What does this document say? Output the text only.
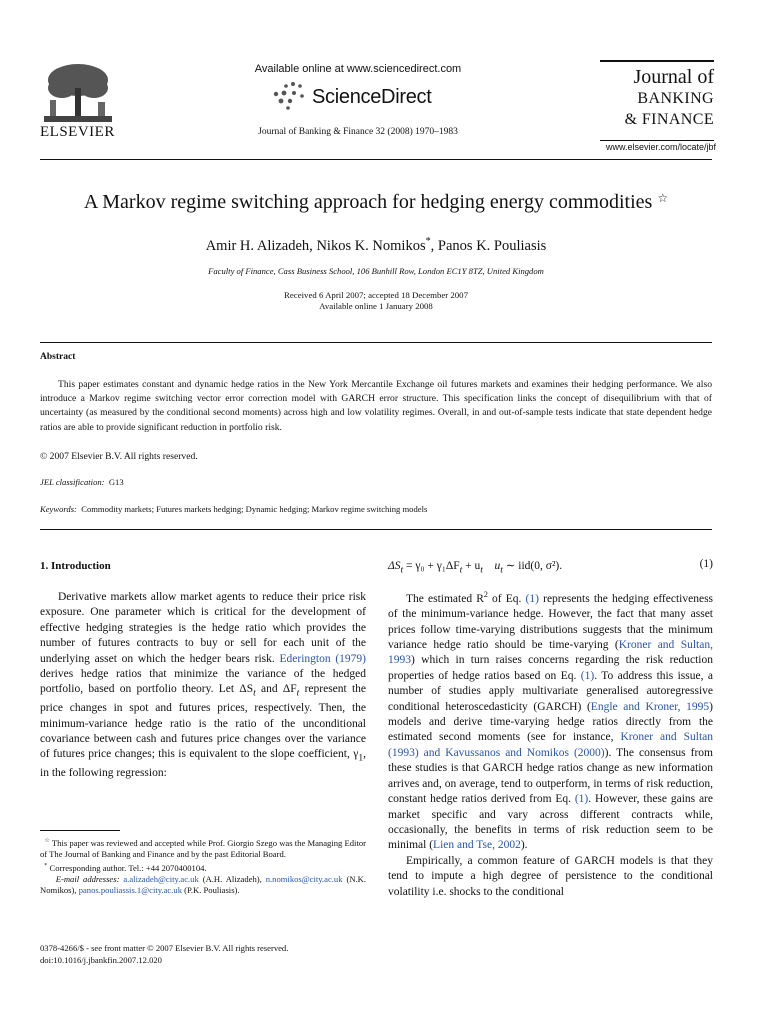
ELSEVIER
Available online at www.sciencedirect.com
ScienceDirect
Journal of Banking & Finance 32 (2008) 1970–1983
Journal of
BANKING
& FINANCE
www.elsevier.com/locate/jbf
A Markov regime switching approach for hedging energy commodities ☆
Amir H. Alizadeh, Nikos K. Nomikos*, Panos K. Pouliasis
Faculty of Finance, Cass Business School, 106 Bunhill Row, London EC1Y 8TZ, United Kingdom
Received 6 April 2007; accepted 18 December 2007
Available online 1 January 2008
Abstract

This paper estimates constant and dynamic hedge ratios in the New York Mercantile Exchange oil futures markets and examines their hedging performance. We also introduce a Markov regime switching vector error correction model with GARCH error structure. This specification links the concept of disequilibrium with that of uncertainty (as measured by the conditional second moments) across high and low volatility regimes. Overall, in and out-of-sample tests indicate that state dependent hedge ratios are able to provide significant reduction in portfolio risk.

© 2007 Elsevier B.V. All rights reserved.
JEL classification: G13
Keywords: Commodity markets; Futures markets hedging; Dynamic hedging; Markov regime switching models
1. Introduction

Derivative markets allow market agents to reduce their price risk exposure. One parameter which is critical for the development of effective hedging strategies is the hedge ratio which provides the number of futures contracts to buy or sell for each unit of the underlying asset on which the hedger bears risk. Ederington (1979) derives hedge ratios that minimize the variance of the hedged portfolio, based on portfolio theory. Let $\Delta S_t$ and $\Delta F_t$ represent the price changes in spot and futures prices, respectively. Then, the minimum-variance hedge ratio is the ratio of the unconditional covariance between cash and futures price changes over the variance of futures price changes; this is equivalent to the slope coefficient, $\gamma_1$, in the following regression:

☆ This paper was reviewed and accepted while Prof. Giorgio Szego was the Managing Editor of The Journal of Banking and Finance and by the past Editorial Board.

* Corresponding author. Tel.: +44 2070400104.

E-mail addresses: a.alizadeh@city.ac.uk (A.H. Alizadeh), n.nomikos@city.ac.uk (N.K. Nomikos), panos.pouliassis.1@city.ac.uk (P.K. Pouliasis).

0378-4266/$ - see front matter © 2007 Elsevier B.V. All rights reserved.
doi:10.1016/j.jbankfin.2007.12.020
$\Delta S_t = \gamma_0 + \gamma_1\Delta F_t + u_t$ $u_t$ ∼ iid(0, σ²).	(1)

The estimated $R^2$ of Eq. (1) represents the hedging effectiveness of the minimum-variance hedge. However, the fact that many asset prices follow time-varying distributions suggests that the minimum variance hedge ratio should be time-varying (Kroner and Sultan, 1993) which in turn raises concerns regarding the risk reduction properties of hedge ratios based on Eq. (1). To address this issue, a number of studies apply multivariate generalised autoregressive conditional heteroscedasticity (GARCH) (Engle and Kroner, 1995) models and derive time-varying hedge ratios directly from the estimated second moments (see for instance, Kroner and Sultan (1993) and Kavussanos and Nomikos (2000)). The consensus from these studies is that GARCH hedge ratios change as new information arrives and, on average, tend to outperform, in terms of risk reduction, constant hedge ratios derived from Eq. (1). However, these gains are market specific and vary across different contracts while, occasionally, the benefits in terms of risk reduction seem to be minimal (Lien and Tse, 2002).

Empirically, a common feature of GARCH models is that they tend to impute a high degree of persistence to the conditional volatility i.e. shocks to the conditional
